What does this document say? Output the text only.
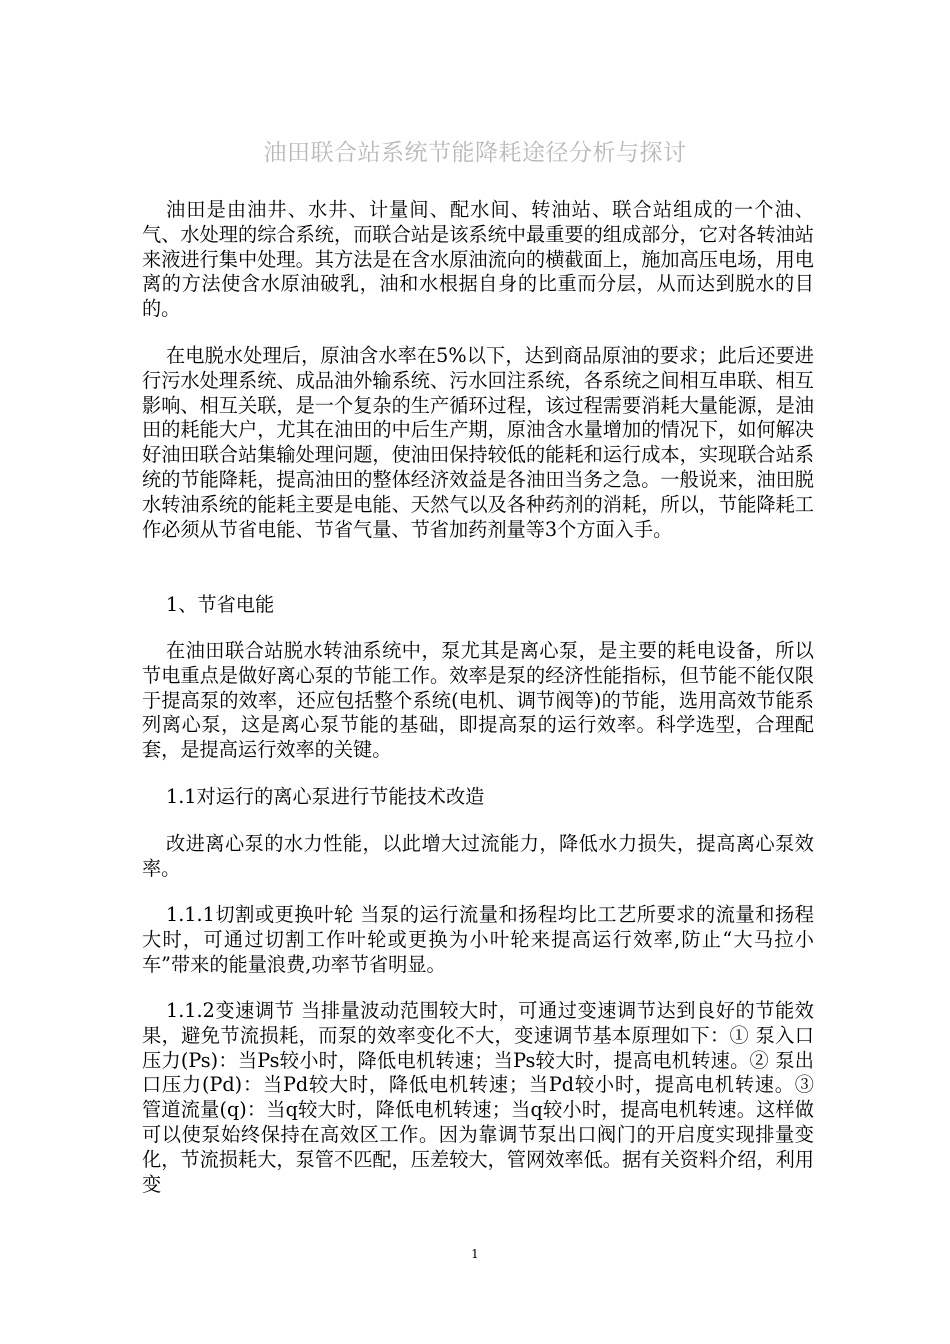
油田联合站系统节能降耗途径分析与探讨

油田是由油井、水井、计量间、配水间、转油站、联合站组成的一个油、气、水处理的综合系统，而联合站是该系统中最重要的组成部分，它对各转油站来液进行集中处理。其方法是在含水原油流向的横截面上，施加高压电场，用电离的方法使含水原油破乳，油和水根据自身的比重而分层，从而达到脱水的目的。

在电脱水处理后，原油含水率在5%以下，达到商品原油的要求；此后还要进行污水处理系统、成品油外输系统、污水回注系统，各系统之间相互串联、相互影响、相互关联，是一个复杂的生产循环过程，该过程需要消耗大量能源，是油田的耗能大户，尤其在油田的中后生产期，原油含水量增加的情况下，如何解决好油田联合站集输处理问题，使油田保持较低的能耗和运行成本，实现联合站系统的节能降耗，提高油田的整体经济效益是各油田当务之急。一般说来，油田脱水转油系统的能耗主要是电能、天然气以及各种药剂的消耗，所以，节能降耗工作必须从节省电能、节省气量、节省加药剂量等3个方面入手。

1、节省电能

在油田联合站脱水转油系统中，泵尤其是离心泵，是主要的耗电设备，所以节电重点是做好离心泵的节能工作。效率是泵的经济性能指标，但节能不能仅限于提高泵的效率，还应包括整个系统(电机、调节阀等)的节能，选用高效节能系列离心泵，这是离心泵节能的基础，即提高泵的运行效率。科学选型，合理配套，是提高运行效率的关键。

1.1对运行的离心泵进行节能技术改造

改进离心泵的水力性能，以此增大过流能力，降低水力损失，提高离心泵效率。

1.1.1切割或更换叶轮 当泵的运行流量和扬程均比工艺所要求的流量和扬程大时，可通过切割工作叶轮或更换为小叶轮来提高运行效率,防止“大马拉小车”带来的能量浪费,功率节省明显。

1.1.2变速调节 当排量波动范围较大时，可通过变速调节达到良好的节能效果，避免节流损耗，而泵的效率变化不大，变速调节基本原理如下：① 泵入口压力(Ps)：当Ps较小时，降低电机转速；当Ps较大时，提高电机转速。② 泵出口压力(Pd)：当Pd较大时，降低电机转速；当Pd较小时，提高电机转速。③ 管道流量(q)：当q较大时，降低电机转速；当q较小时，提高电机转速。这样做可以使泵始终保持在高效区工作。因为靠调节泵出口阀门的开启度实现排量变化，节流损耗大，泵管不匹配，压差较大，管网效率低。据有关资料介绍，利用变

1
